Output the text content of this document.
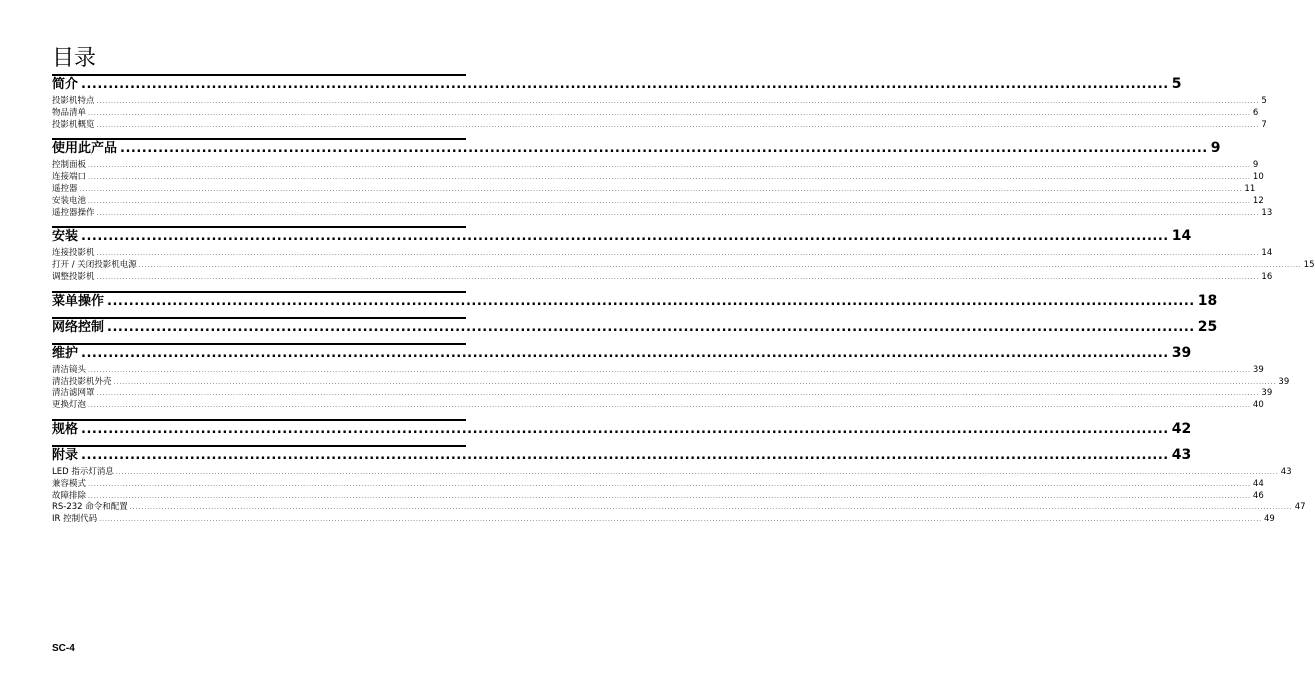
目录
简介 ........................................................................................................................................................................................................ 5
投影机特点 ................................................................................................................................................................................................................................................................................................................................................................................................................ 5
物品清单 ................................................................................................................................................................................................................................................................................................................................................................................................................ 6
投影机概览 ................................................................................................................................................................................................................................................................................................................................................................................................................ 7
使用此产品 ........................................................................................................................................................................................................ 9
控制面板 ................................................................................................................................................................................................................................................................................................................................................................................................................ 9
连接端口 ................................................................................................................................................................................................................................................................................................................................................................................................................ 10
遥控器 ................................................................................................................................................................................................................................................................................................................................................................................................................ 11
安装电池 ................................................................................................................................................................................................................................................................................................................................................................................................................ 12
遥控器操作 ................................................................................................................................................................................................................................................................................................................................................................................................................ 13
安装 ........................................................................................................................................................................................................ 14
连接投影机 ................................................................................................................................................................................................................................................................................................................................................................................................................ 14
打开 / 关闭投影机电源 ................................................................................................................................................................................................................................................................................................................................................................................................................ 15
调整投影机 ................................................................................................................................................................................................................................................................................................................................................................................................................ 16
菜单操作 ........................................................................................................................................................................................................ 18
网络控制 ........................................................................................................................................................................................................ 25
维护 ........................................................................................................................................................................................................ 39
清洁镜头 ................................................................................................................................................................................................................................................................................................................................................................................................................ 39
清洁投影机外壳 ................................................................................................................................................................................................................................................................................................................................................................................................................ 39
清洁滤网罩 ................................................................................................................................................................................................................................................................................................................................................................................................................ 39
更换灯泡 ................................................................................................................................................................................................................................................................................................................................................................................................................ 40
规格 ........................................................................................................................................................................................................ 42
附录 ........................................................................................................................................................................................................ 43
LED 指示灯消息 ................................................................................................................................................................................................................................................................................................................................................................................................................ 43
兼容模式 ................................................................................................................................................................................................................................................................................................................................................................................................................ 44
故障排除 ................................................................................................................................................................................................................................................................................................................................................................................................................ 46
RS-232 命令和配置 ................................................................................................................................................................................................................................................................................................................................................................................................................ 47
IR 控制代码 ................................................................................................................................................................................................................................................................................................................................................................................................................ 49
SC-4
